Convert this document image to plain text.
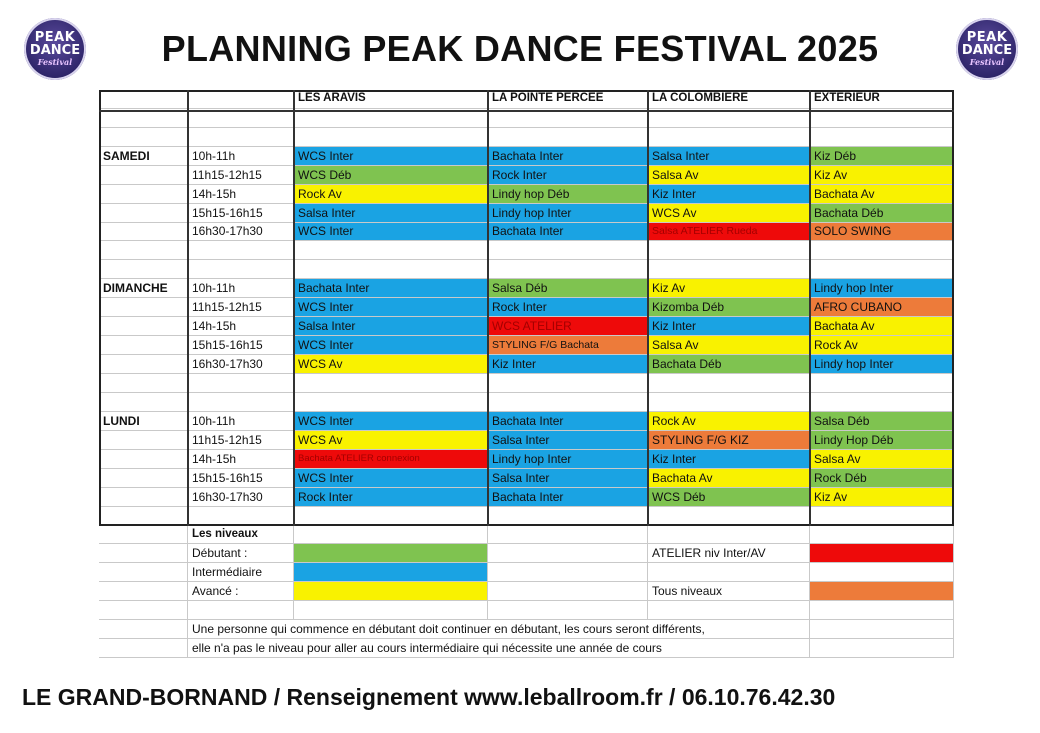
PEAK
DANCE
Festival
PEAK
DANCE
Festival
PLANNING PEAK DANCE FESTIVAL 2025
LES ARAVIS	LA POINTE PERCEE	LA COLOMBIERE	EXTERIEUR
SAMEDI	10h-11h	WCS Inter	Bachata Inter	Salsa Inter	Kiz Déb
11h15-12h15	WCS Déb	Rock Inter	Salsa Av	Kiz Av
14h-15h	Rock Av	Lindy hop Déb	Kiz Inter	Bachata Av
15h15-16h15	Salsa Inter	Lindy hop Inter	WCS Av	Bachata Déb
16h30-17h30	WCS Inter	Bachata Inter	Salsa ATELIER Rueda	SOLO SWING
DIMANCHE	10h-11h	Bachata Inter	Salsa Déb	Kiz Av	Lindy hop Inter
11h15-12h15	WCS Inter	Rock Inter	Kizomba Déb	AFRO CUBANO
14h-15h	Salsa Inter	WCS ATELIER	Kiz Inter	Bachata Av
15h15-16h15	WCS Inter	STYLING F/G Bachata	Salsa Av	Rock Av
16h30-17h30	WCS Av	Kiz Inter	Bachata Déb	Lindy hop Inter
LUNDI	10h-11h	WCS Inter	Bachata Inter	Rock Av	Salsa Déb
11h15-12h15	WCS Av	Salsa Inter	STYLING F/G KIZ	Lindy Hop Déb
14h-15h	Bachata ATELIER connexion	Lindy hop Inter	Kiz Inter	Salsa Av
15h15-16h15	WCS Inter	Salsa Inter	Bachata Av	Rock Déb
16h30-17h30	Rock Inter	Bachata Inter	WCS Déb	Kiz Av
Les niveaux
Débutant :	ATELIER niv Inter/AV
Intermédiaire
Avancé :	Tous niveaux
Une personne qui commence en débutant doit continuer en débutant, les cours seront différents,
elle n'a pas le niveau pour aller au cours intermédiaire qui nécessite une année de cours
LE GRAND-BORNAND / Renseignement www.leballroom.fr / 06.10.76.42.30
